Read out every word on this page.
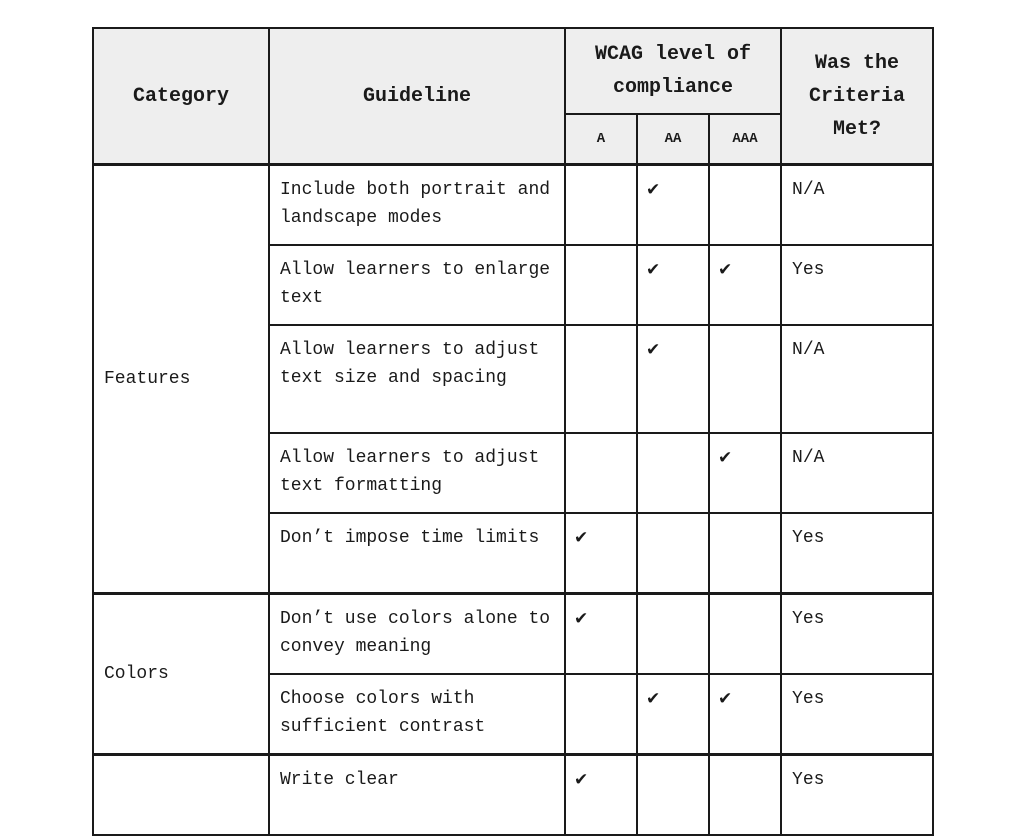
Category	Guideline	WCAG level of compliance			Was the Criteria Met?
		A	AA	AAA	
Features	Include both portrait and landscape modes		✔		N/A
	Allow learners to enlarge text		✔	✔	Yes
	Allow learners to adjust text size and spacing		✔		N/A
	Allow learners to adjust text formatting			✔	N/A
	Don’t impose time limits	✔			Yes
Colors	Don’t use colors alone to convey meaning	✔			Yes
	Choose colors with sufficient contrast		✔	✔	Yes
	Write clear	✔			Yes
